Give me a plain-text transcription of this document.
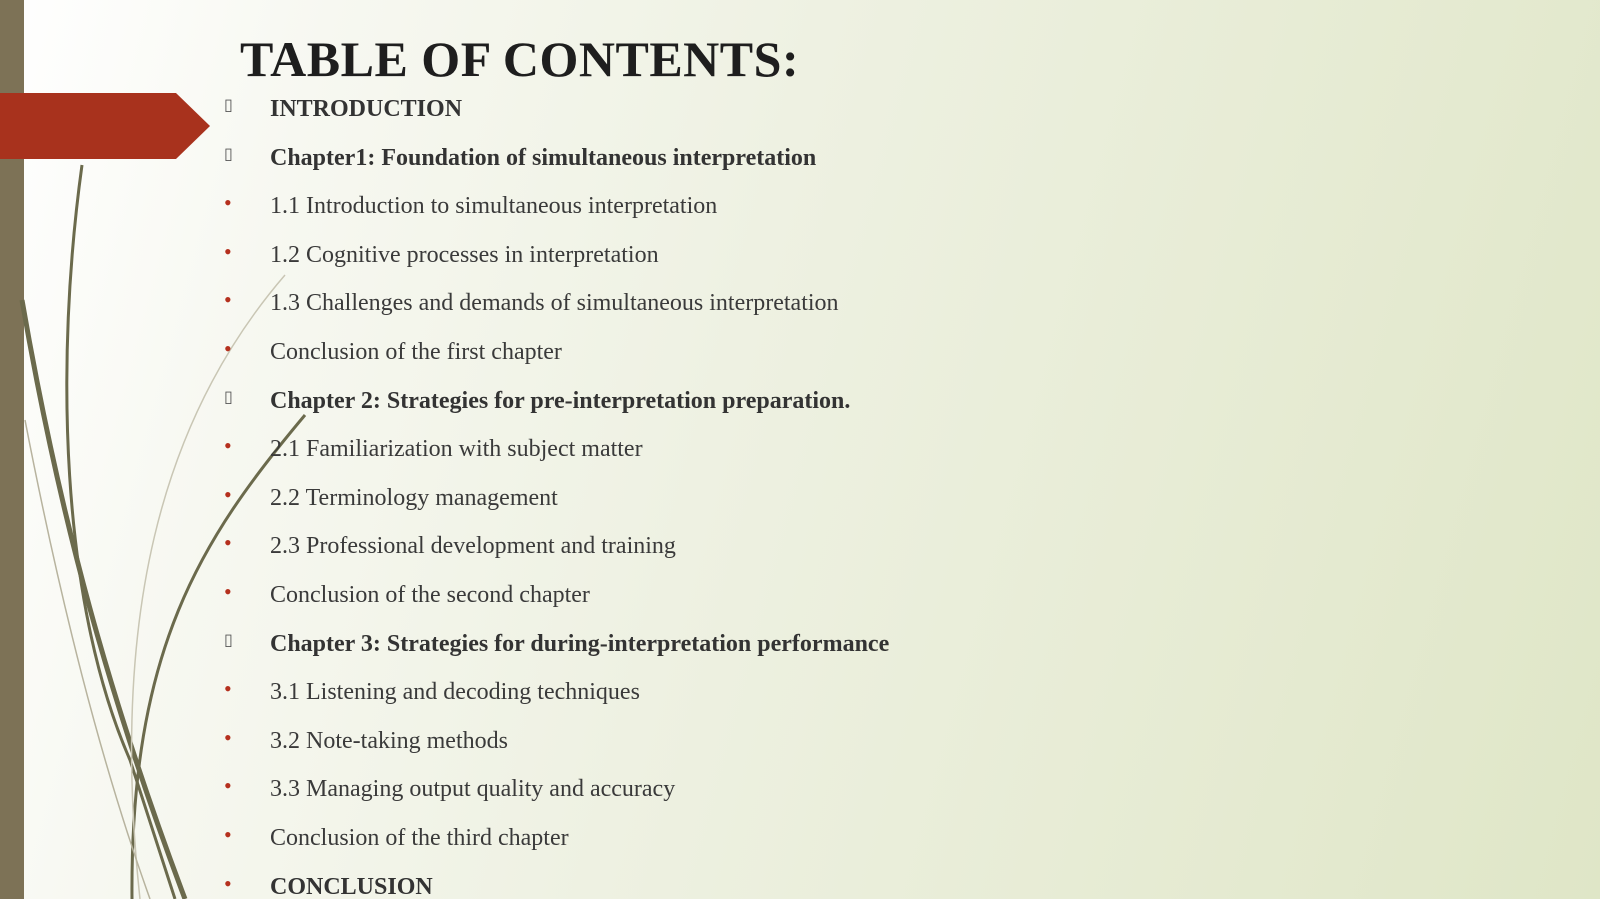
TABLE OF CONTENTS:
▯	INTRODUCTION
▯	Chapter1: Foundation of simultaneous interpretation
•	1.1 Introduction to simultaneous interpretation
•	1.2 Cognitive processes in interpretation
•	1.3 Challenges and demands of simultaneous interpretation
•	Conclusion of the first chapter
▯	Chapter 2: Strategies for pre-interpretation preparation.
•	2.1 Familiarization with subject matter
•	2.2 Terminology management
•	2.3 Professional development and training
•	Conclusion of the second chapter
▯	Chapter 3: Strategies for during-interpretation performance
•	3.1 Listening and decoding techniques
•	3.2 Note-taking methods
•	3.3 Managing output quality and accuracy
•	Conclusion of the third chapter
•	CONCLUSION
